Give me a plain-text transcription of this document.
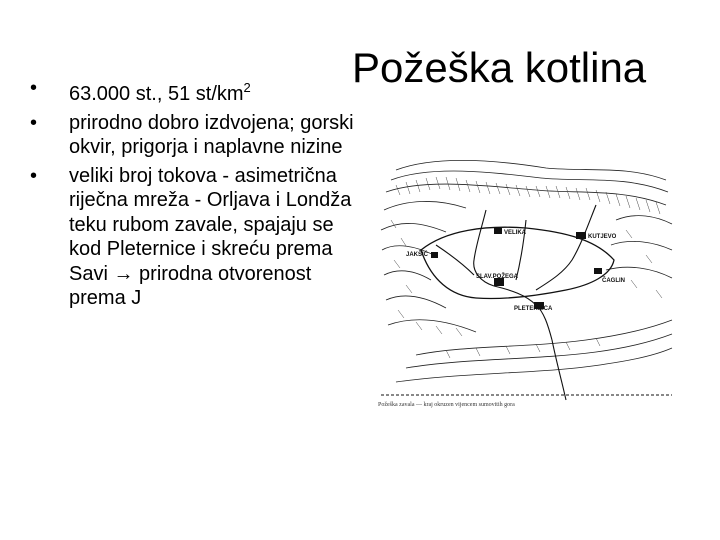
Požeška kotlina
•	63.000 st., 51 $st/km^2$
•	prirodno dobro izdvojena; gorski okvir, prigorja i naplavne nizine
•	veliki broj tokova - asimetrična riječna mreža - Orljava i Londža teku rubom zavale, spajaju se kod Pleternice i skreću prema Savi → prirodna otvorenost prema J
VELIKA
KUTJEVO
ČAGLIN
SLAV.POŽEGA
PLETERNICA
JAKŠIĆ
Požeška zavala — kraj okruzen vijencem sumovitih gora
